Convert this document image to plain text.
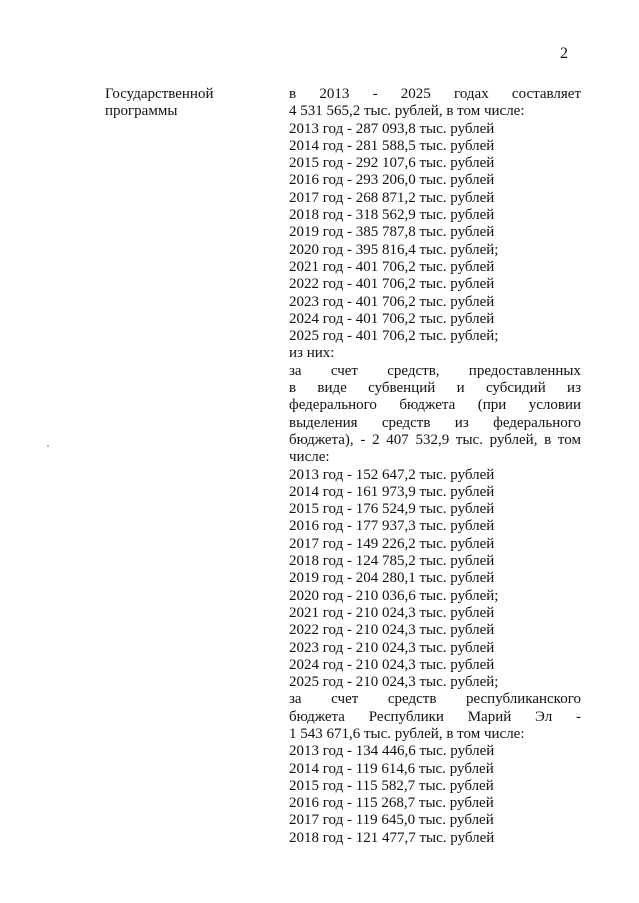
2
Государственной
программы
в 2013 - 2025 годах составляет
4 531 565,2 тыс. рублей, в том числе:
2013 год - 287 093,8 тыс. рублей
2014 год - 281 588,5 тыс. рублей
2015 год - 292 107,6 тыс. рублей
2016 год - 293 206,0 тыс. рублей
2017 год - 268 871,2 тыс. рублей
2018 год - 318 562,9 тыс. рублей
2019 год - 385 787,8 тыс. рублей
2020 год - 395 816,4 тыс. рублей;
2021 год - 401 706,2 тыс. рублей
2022 год - 401 706,2 тыс. рублей
2023 год - 401 706,2 тыс. рублей
2024 год - 401 706,2 тыс. рублей
2025 год - 401 706,2 тыс. рублей;
из них:
за счет средств, предоставленных
в виде субвенций и субсидий из
федерального бюджета (при условии
выделения средств из федерального
бюджета), - 2 407 532,9 тыс. рублей, в том
числе:
2013 год - 152 647,2 тыс. рублей
2014 год - 161 973,9 тыс. рублей
2015 год - 176 524,9 тыс. рублей
2016 год - 177 937,3 тыс. рублей
2017 год - 149 226,2 тыс. рублей
2018 год - 124 785,2 тыс. рублей
2019 год - 204 280,1 тыс. рублей
2020 год - 210 036,6 тыс. рублей;
2021 год - 210 024,3 тыс. рублей
2022 год - 210 024,3 тыс. рублей
2023 год - 210 024,3 тыс. рублей
2024 год - 210 024,3 тыс. рублей
2025 год - 210 024,3 тыс. рублей;
за счет средств республиканского
бюджета Республики Марий Эл -
1 543 671,6 тыс. рублей, в том числе:
2013 год - 134 446,6 тыс. рублей
2014 год - 119 614,6 тыс. рублей
2015 год - 115 582,7 тыс. рублей
2016 год - 115 268,7 тыс. рублей
2017 год - 119 645,0 тыс. рублей
2018 год - 121 477,7 тыс. рублей
